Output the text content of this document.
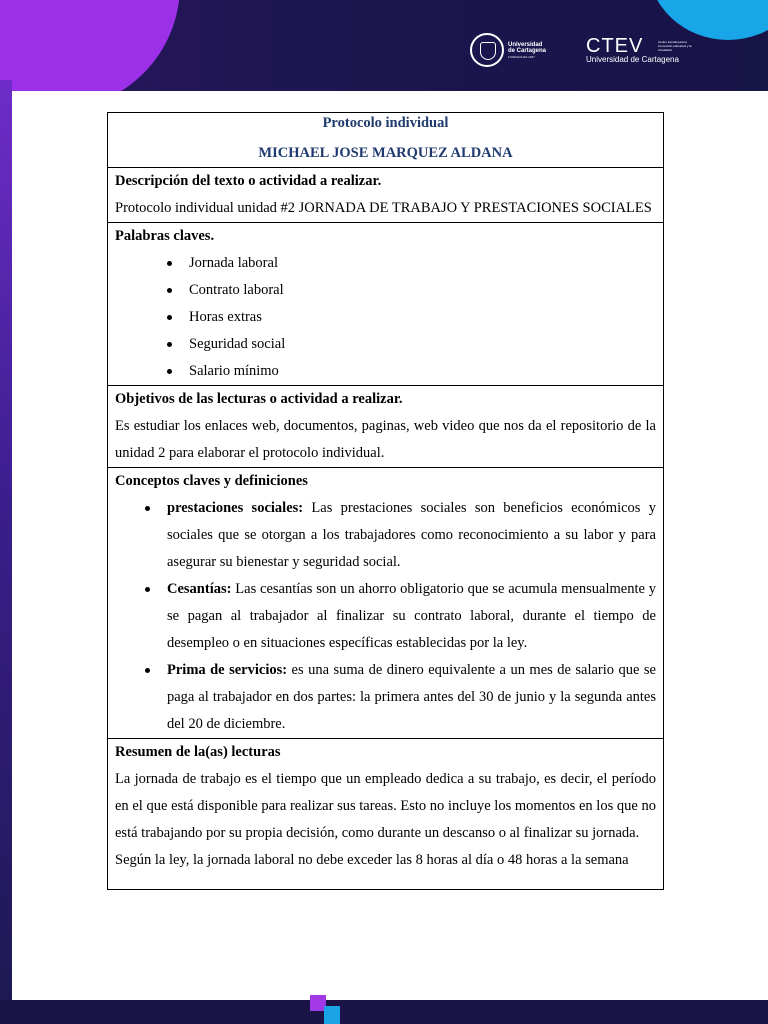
Universidad
de Cartagena
FUNDADA EN 1827	CTEV
Universidad de Cartagena
Centro tutorial para la innovación educativa y la virtualidad
Protocolo individual
MICHAEL JOSE MARQUEZ ALDANA
Descripción del texto o actividad a realizar.
Protocolo individual unidad #2 JORNADA DE TRABAJO Y PRESTACIONES SOCIALES
Palabras claves.
Jornada laboral
Contrato laboral
Horas extras
Seguridad social
Salario mínimo
Objetivos de las lecturas o actividad a realizar.
Es estudiar los enlaces web, documentos, paginas, web video que nos da el repositorio de la unidad 2 para elaborar el protocolo individual.
Conceptos claves y definiciones
prestaciones sociales: Las prestaciones sociales son beneficios económicos y sociales que se otorgan a los trabajadores como reconocimiento a su labor y para asegurar su bienestar y seguridad social.
Cesantías: Las cesantías son un ahorro obligatorio que se acumula mensualmente y se pagan al trabajador al finalizar su contrato laboral, durante el tiempo de desempleo o en situaciones específicas establecidas por la ley.
Prima de servicios: es una suma de dinero equivalente a un mes de salario que se paga al trabajador en dos partes: la primera antes del 30 de junio y la segunda antes del 20 de diciembre.
Resumen de la(as) lecturas
La jornada de trabajo es el tiempo que un empleado dedica a su trabajo, es decir, el período en el que está disponible para realizar sus tareas. Esto no incluye los momentos en los que no está trabajando por su propia decisión, como durante un descanso o al finalizar su jornada.
Según la ley, la jornada laboral no debe exceder las 8 horas al día o 48 horas a la semana
